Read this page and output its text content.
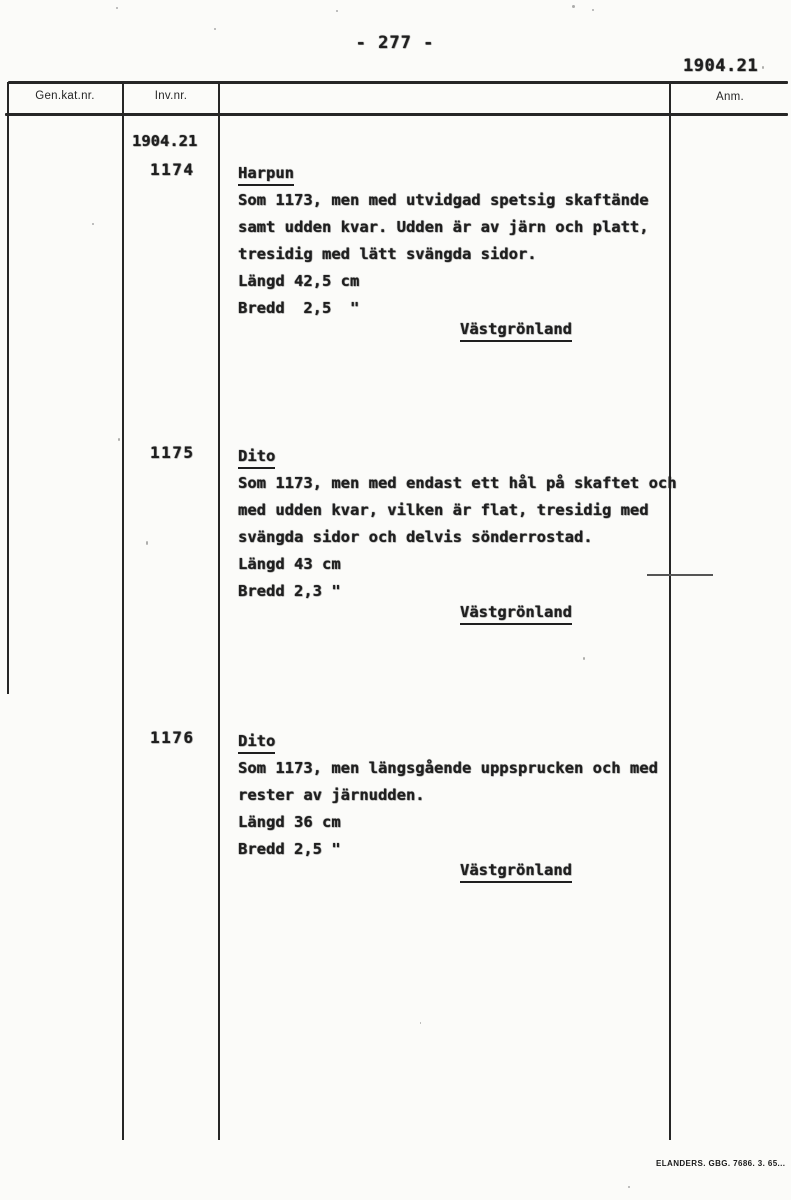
- 277 -
1904.21
Gen.kat.nr.	Inv.nr.	Anm.
1904.21
1174	Harpun
Som 1173, men med utvidgad spetsig skaftände
samt udden kvar. Udden är av järn och platt,
tresidig med lätt svängda sidor.
Längd 42,5 cm
Bredd  2,5  "
Västgrönland
1175	Dito
Som 1173, men med endast ett hål på skaftet och
med udden kvar, vilken är flat, tresidig med
svängda sidor och delvis sönderrostad.
Längd 43 cm
Bredd 2,3 "
Västgrönland
1176	Dito
Som 1173, men längsgående uppsprucken och med
rester av järnudden.
Längd 36 cm
Bredd 2,5 "
Västgrönland
ELANDERS. GBG. 7686. 3. 65...
